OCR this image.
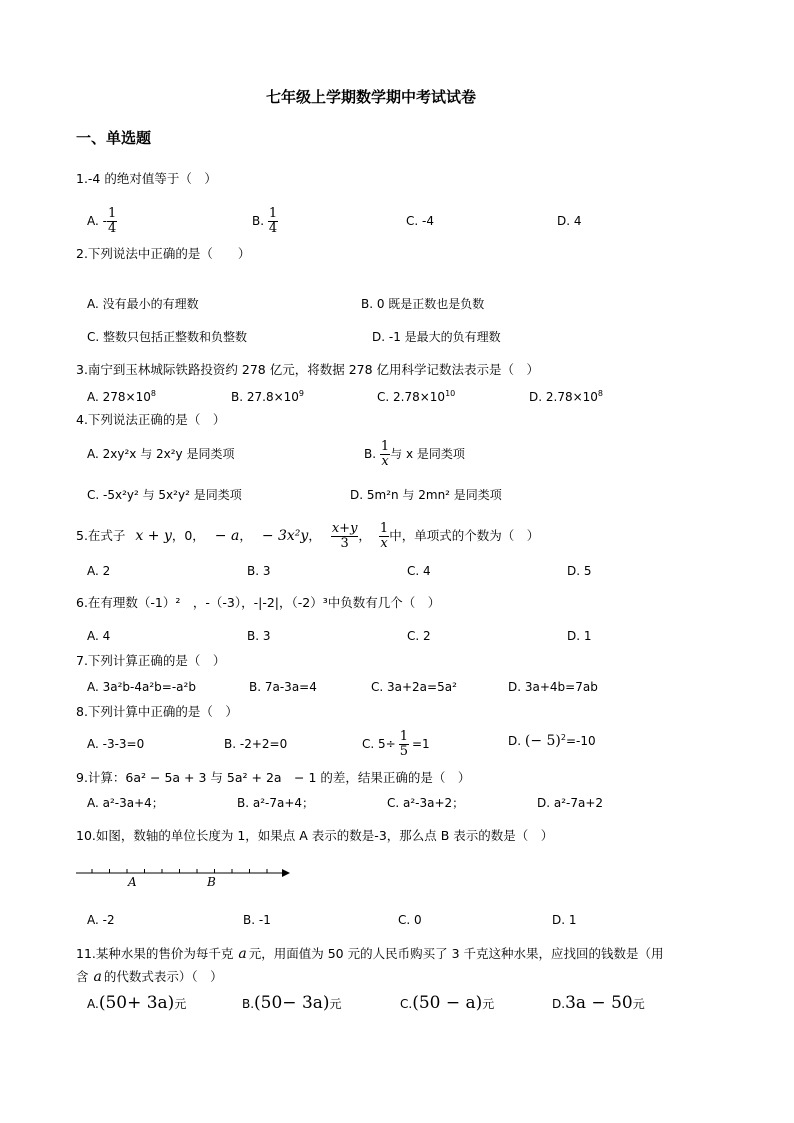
七年级上学期数学期中考试试卷
一、单选题
1.-4 的绝对值等于（　）
A. - $\frac{1}{4}$	B. $\frac{1}{4}$	C. -4	D. 4
2.下列说法中正确的是（　　）
A. 没有最小的有理数	B. 0 既是正数也是负数
C. 整数只包括正整数和负整数	D. -1 是最大的负有理数
3.南宁到玉林城际铁路投资约 278 亿元，将数据 278 亿用科学记数法表示是（　）
A. $278\times 10^8$	B. $27.8\times 10^9$	C. $2.78\times 10^{10}$	D. $2.78\times 10^8$
4.下列说法正确的是（　）
A. 2xy²x 与 2x²y 是同类项	B. $\frac{1}{x}$ 与 x 是同类项
C. -5x²y² 与 5x²y² 是同类项	D. 5m²n 与 2mn² 是同类项
5.在式子 x + y，0， − a， − 3x²y， $\frac{x+y}{3}$ ， $\frac{1}{x}$ 中，单项式的个数为（　）
A. 2	B. 3	C. 4	D. 5
6.在有理数（-1）²　，-（-3），-|-2|，（-2）³中负数有几个（　）
A. 4	B. 3	C. 2	D. 1
7.下列计算正确的是（　）
A. 3a²b-4a²b=-a²b	B. 7a-3a=4	C. 3a+2a=5a²	D. 3a+4b=7ab
8.下列计算中正确的是（　）
A. -3-3=0	B. -2+2=0	C. $5\div \frac{1}{5} =1$	D. (− 5)$^2$=-10
9.计算：6a² − 5a + 3 与 5a² + 2a　− 1 的差，结果正确的是（　）
A. a²-3a+4；	B. a²-7a+4；	C. a²-3a+2；	D. a²-7a+2
10.如图，数轴的单位长度为 1，如果点 A 表示的数是-3，那么点 B 表示的数是（　）
A	B
A. -2	B. -1	C. 0	D. 1
11.某种水果的售价为每千克 a 元，用面值为 50 元的人民币购买了 3 千克这种水果，应找回的钱数是（用
含 a 的代数式表示）（　）
A.(50+ 3a)元	B.(50− 3a)元	C.(50 − a)元	D.3a − 50元
